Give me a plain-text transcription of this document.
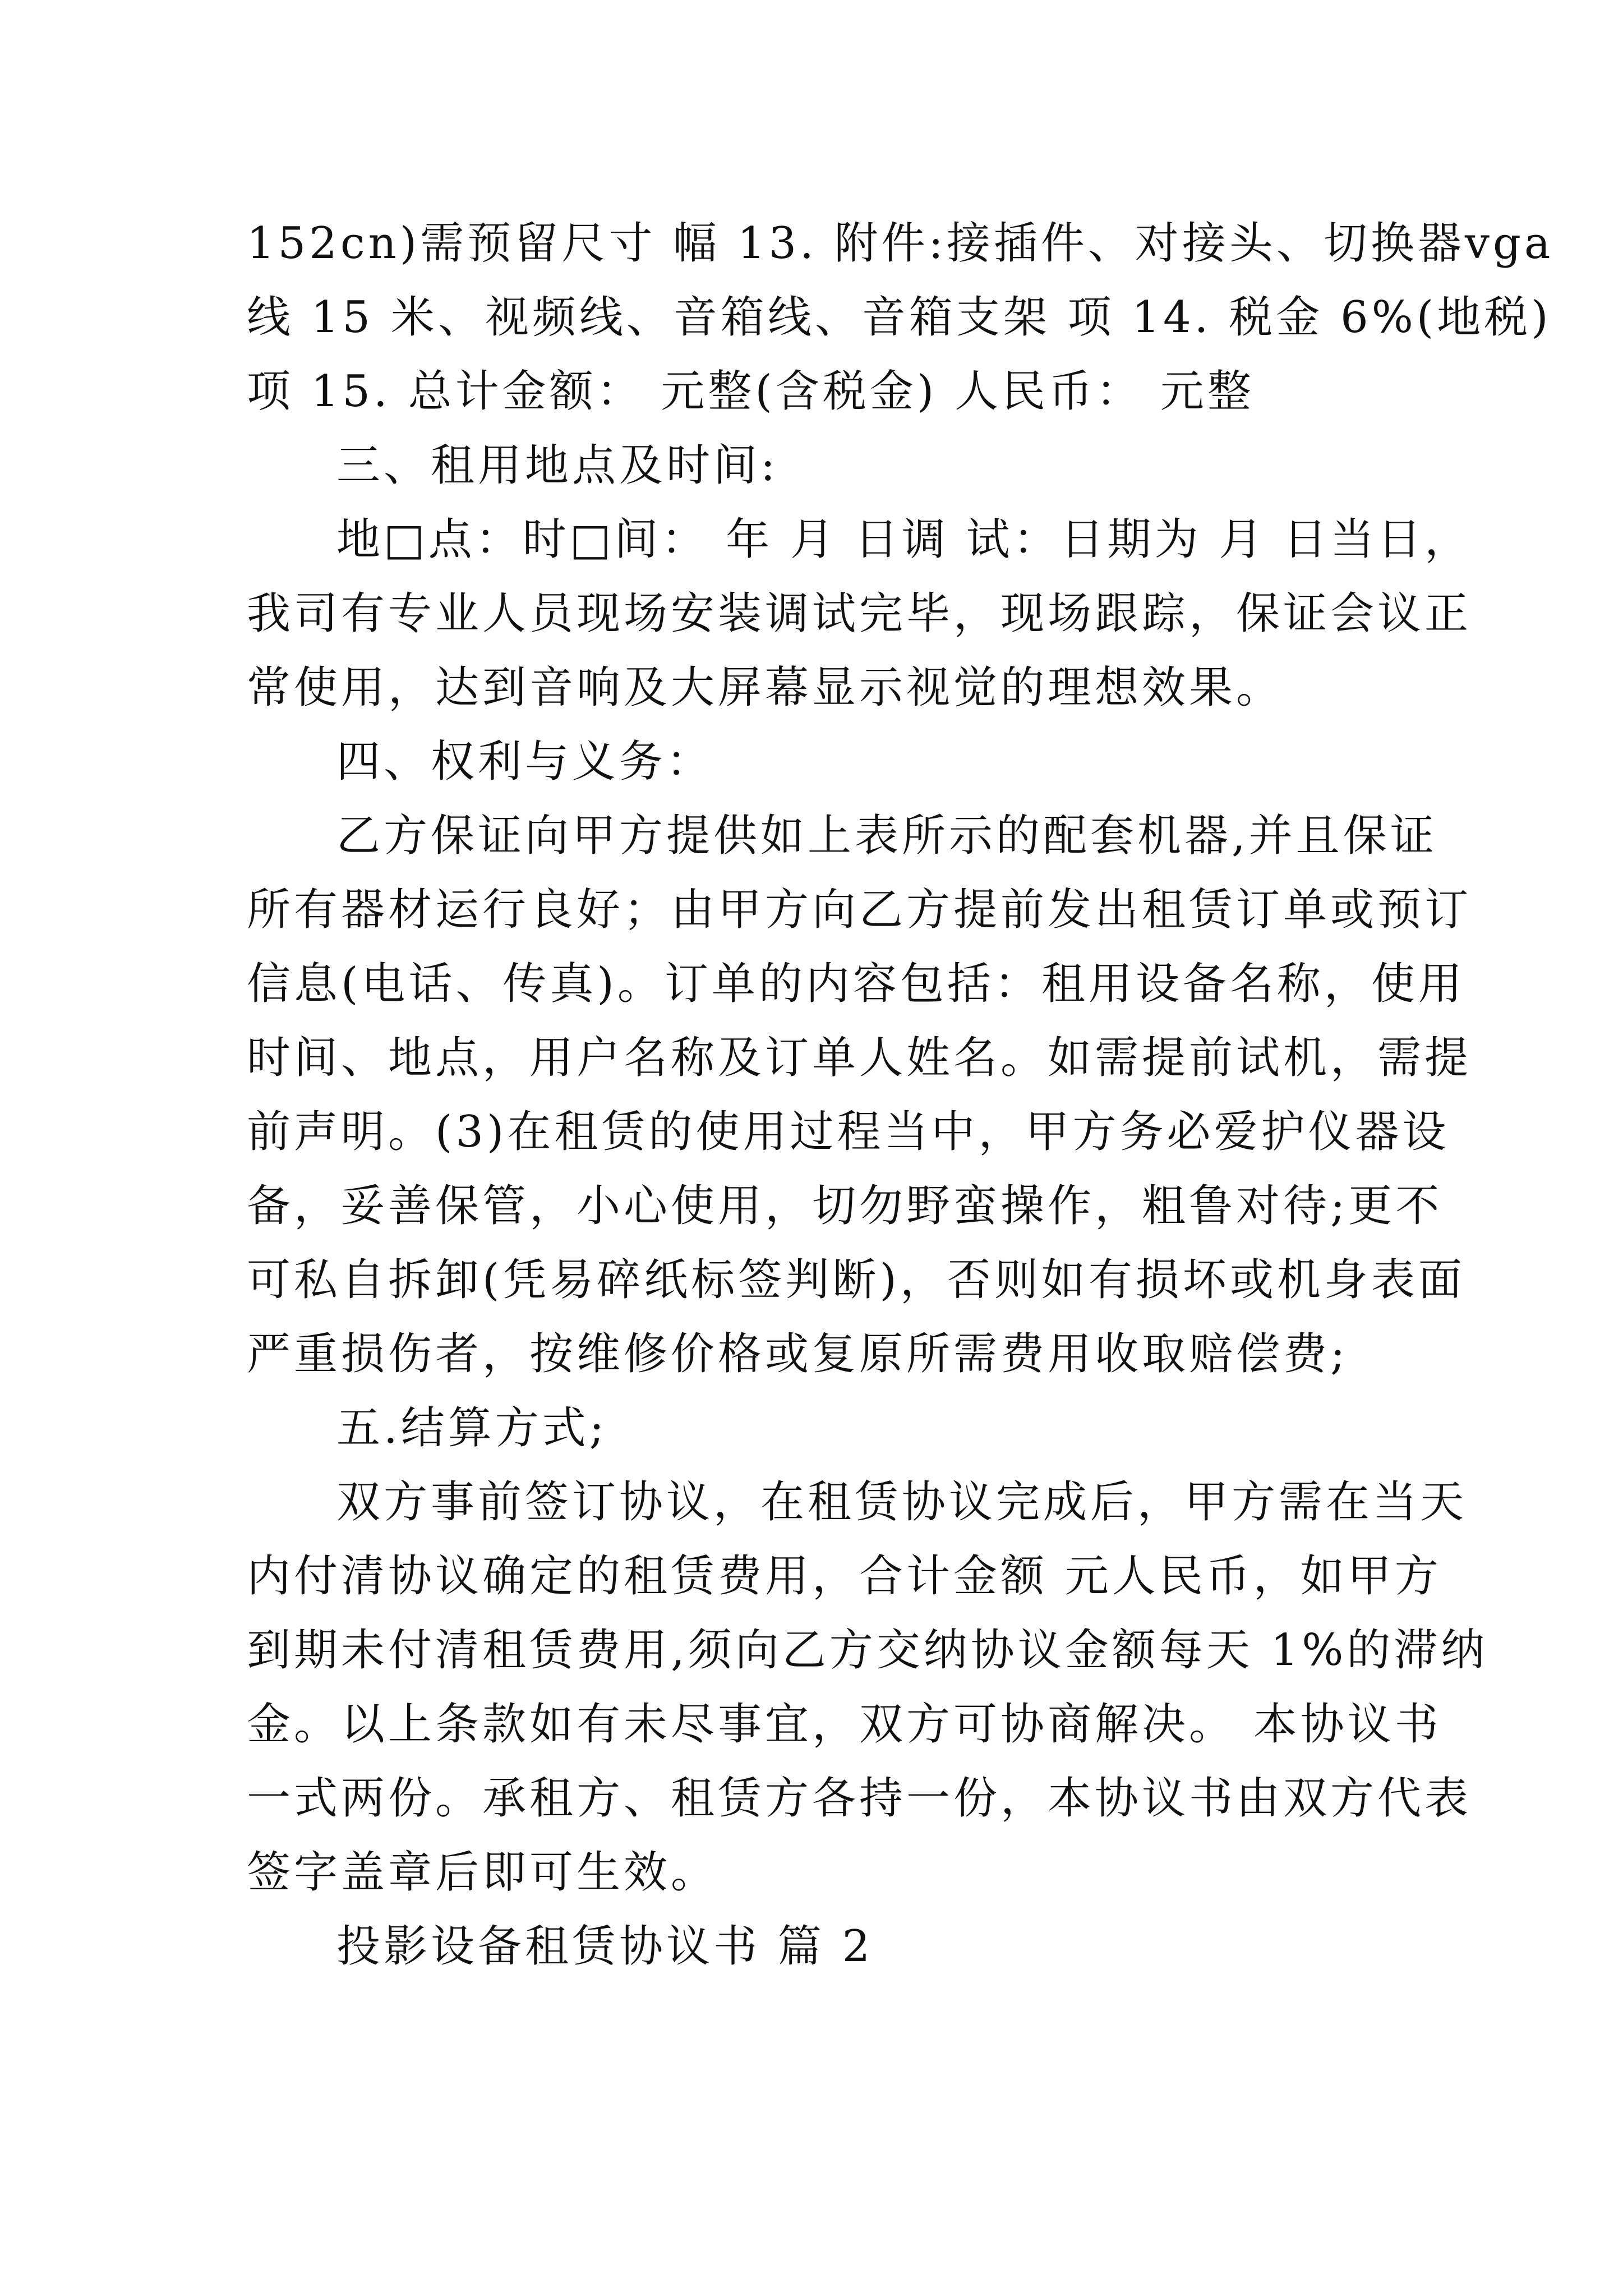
152cn)需预留尺寸 幅 13. 附件:接插件、对接头、切换器vga
线 15 米、视频线、音箱线、音箱支架 项 14. 税金 6%(地税)
项 15. 总计金额： 元整(含税金) 人民币： 元整
三、租用地点及时间:
地□点：时□间： 年 月 日调 试：日期为 月 日当日，
我司有专业人员现场安装调试完毕，现场跟踪，保证会议正
常使用，达到音响及大屏幕显示视觉的理想效果。
四、权利与义务：
乙方保证向甲方提供如上表所示的配套机器,并且保证
所有器材运行良好；由甲方向乙方提前发出租赁订单或预订
信息(电话、传真)。订单的内容包括：租用设备名称，使用
时间、地点，用户名称及订单人姓名。如需提前试机，需提
前声明。(3)在租赁的使用过程当中，甲方务必爱护仪器设
备，妥善保管，小心使用，切勿野蛮操作，粗鲁对待;更不
可私自拆卸(凭易碎纸标签判断)，否则如有损坏或机身表面
严重损伤者，按维修价格或复原所需费用收取赔偿费;
五.结算方式;
双方事前签订协议，在租赁协议完成后，甲方需在当天
内付清协议确定的租赁费用，合计金额 元人民币，如甲方
到期未付清租赁费用,须向乙方交纳协议金额每天 1%的滞纳
金。以上条款如有未尽事宜，双方可协商解决。 本协议书
一式两份。承租方、租赁方各持一份，本协议书由双方代表
签字盖章后即可生效。
投影设备租赁协议书 篇 2
